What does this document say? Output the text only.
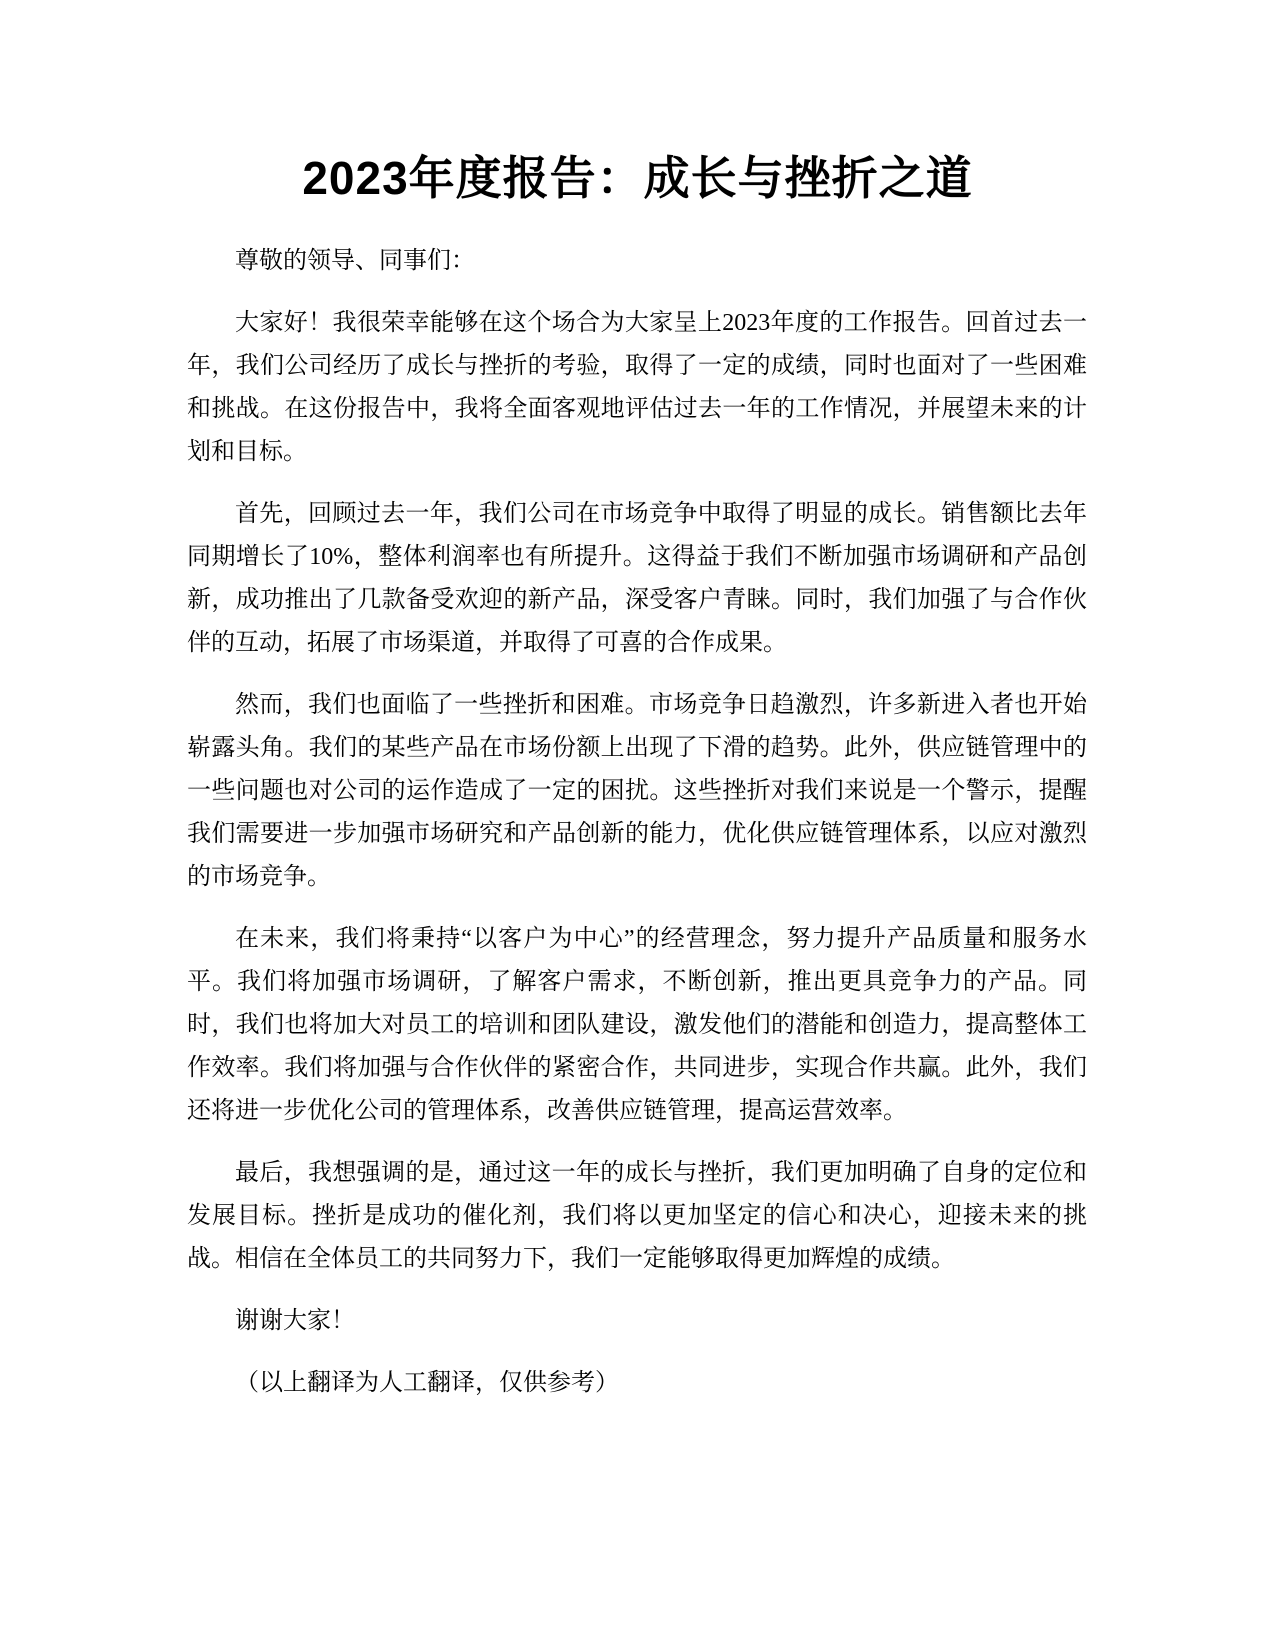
2023年度报告：成长与挫折之道

尊敬的领导、同事们：

大家好！我很荣幸能够在这个场合为大家呈上2023年度的工作报告。回首过去一年，我们公司经历了成长与挫折的考验，取得了一定的成绩，同时也面对了一些困难和挑战。在这份报告中，我将全面客观地评估过去一年的工作情况，并展望未来的计划和目标。

首先，回顾过去一年，我们公司在市场竞争中取得了明显的成长。销售额比去年同期增长了10%，整体利润率也有所提升。这得益于我们不断加强市场调研和产品创新，成功推出了几款备受欢迎的新产品，深受客户青睐。同时，我们加强了与合作伙伴的互动，拓展了市场渠道，并取得了可喜的合作成果。

然而，我们也面临了一些挫折和困难。市场竞争日趋激烈，许多新进入者也开始崭露头角。我们的某些产品在市场份额上出现了下滑的趋势。此外，供应链管理中的一些问题也对公司的运作造成了一定的困扰。这些挫折对我们来说是一个警示，提醒我们需要进一步加强市场研究和产品创新的能力，优化供应链管理体系，以应对激烈的市场竞争。

在未来，我们将秉持“以客户为中心”的经营理念，努力提升产品质量和服务水平。我们将加强市场调研，了解客户需求，不断创新，推出更具竞争力的产品。同时，我们也将加大对员工的培训和团队建设，激发他们的潜能和创造力，提高整体工作效率。我们将加强与合作伙伴的紧密合作，共同进步，实现合作共赢。此外，我们还将进一步优化公司的管理体系，改善供应链管理，提高运营效率。

最后，我想强调的是，通过这一年的成长与挫折，我们更加明确了自身的定位和发展目标。挫折是成功的催化剂，我们将以更加坚定的信心和决心，迎接未来的挑战。相信在全体员工的共同努力下，我们一定能够取得更加辉煌的成绩。

谢谢大家！

（以上翻译为人工翻译，仅供参考）
